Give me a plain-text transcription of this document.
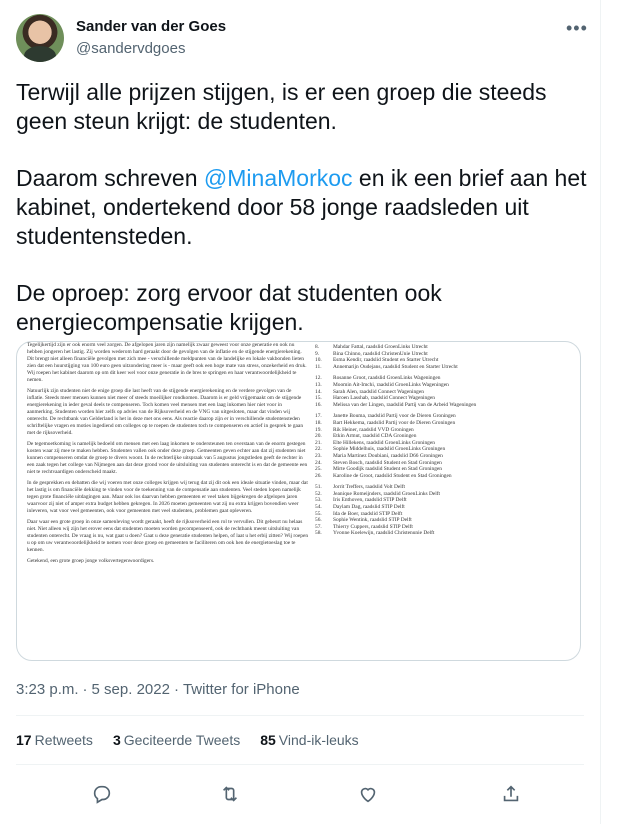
Sander van der Goes
@sandervdgoes
•••

Terwijl alle prijzen stijgen, is er een groep die steeds geen steun krijgt: de studenten.

Daarom schreven @MinaMorkoc en ik een brief aan het kabinet, ondertekend door 58 jonge raadsleden uit studentensteden.

De oproep: zorg ervoor dat studenten ook energiecompensatie krijgen.

Tegelijkertijd zijn er ook enorm veel zorgen. De afgelopen jaren zijn namelijk zwaar geweest voor onze generatie en ook nu hebben jongeren het lastig. Zij worden wederom hard geraakt door de gevolgen van de inflatie en de stijgende energierekening. Dit brengt niet alleen financiële gevolgen met zich mee - verschillende meldpunten van de landelijke en lokale vakbonden lieten zien dat een huurstijging van 100 euro geen uitzondering meer is - maar geeft ook een hoge mate van stress, onzekerheid en druk. Wij roepen het kabinet daarom op om dit keer wel voor onze generatie in de bres te springen en haar verantwoordelijkheid te nemen.

Natuurlijk zijn studenten niet de enige groep die last heeft van de stijgende energierekening en de verdere gevolgen van de inflatie. Steeds meer mensen kunnen niet meer of steeds moeilijker rondkomen. Daarom is er geld vrijgemaakt om de stijgende energierekening in ieder geval deels te compenseren. Toch komen veel mensen met een laag inkomen hier niet voor in aanmerking. Studenten worden hier zelfs op advies van de Rijksoverheid en de VNG van uitgesloten, maar dat vinden wij onterecht. De rechtbank van Gelderland is het in deze met ons eens. Als reactie daarop zijn er in verschillende studentensteden schriftelijke vragen en moties ingediend om colleges op te roepen de studenten toch te compenseren en actief in gesprek te gaan met de rijksoverheid.

De tegemoetkoming is namelijk bedoeld om mensen met een laag inkomen te ondersteunen ten overstaan van de enorm gestegen kosten waar zij mee te maken hebben. Studenten vallen ook onder deze groep. Gemeenten geven echter aan dat zij studenten niet kunnen compenseren omdat de groep te divers woont. In de rechterlijke uitspraak van 5 augustus jongstleden geeft de rechter in een zaak tegen het college van Nijmegen aan dat deze grond voor de uitsluiting van studenten onterecht is en dat de gemeente een niet te rechtvaardigen onderscheid maakt.

In de gesprekken en debatten die wij voeren met onze colleges krijgen wij terug dat zij dit ook een ideale situatie vinden, maar dat het lastig is om financiële dekking te vinden voor de toekenning van de compensatie aan studenten. Veel steden lopen namelijk tegen grote financiële uitdagingen aan. Maar ook los daarvan hebben gemeenten er veel taken bijgekregen de afgelopen jaren waarvoor zij niet of amper extra budget hebben gekregen. In 2026 moeten gemeenten wat zij nu extra krijgen bovendien weer inleveren, wat voor veel gemeenten, ook voor gemeenten met veel studenten, problemen gaat opleveren.

Daar waar een grote groep in onze samenleving wordt geraakt, heeft de rijksoverheid een rol te vervullen. Dit gebeurt nu helaas niet. Niet alleen wij zijn het erover eens dat studenten moeten worden gecompenseerd, ook de rechtbank meent uitsluiting van studenten onterecht. De vraag is nu, wat gaat u doen? Gaat u deze generatie studenten helpen, of laat u het erbij zitten? Wij roepen u op om uw verantwoordelijkheid te nemen voor deze groep en gemeenten te faciliteren om ook hen de energietoeslag toe te kennen.

Getekend, een grote groep jonge volksvertegenwoordigers.

8.	Mahdar Fattal, raadslid GroenLinks Utrecht
9.	Bina Chinno, raadslid ChristenUnie Utrecht
10.	Esma Kendir, raadslid Student en Starter Utrecht
11.	Annemarijn Oudejans, raadslid Student en Starter Utrecht
12.	Rosanne Groot, raadslid GroenLinks Wageningen
13.	Moomin Ait-Imchi, raadslid GroenLinks Wageningen
14.	Sarah Alen, raadslid Connect Wageningen
15.	Haroen Lasshab, raadslid Connect Wageningen
16.	Melissa van der Lingen, raadslid Partij van de Arbeid Wageningen
17.	Janette Bouma, raadslid Partij voor de Dieren Groningen
18.	Bart Hekkema, raadslid Partij voor de Dieren Groningen
19.	Rik Heiner, raadslid VVD Groningen
20.	Etkin Armut, raadslid CDA Groningen
21.	Elte Hillekens, raadslid GroenLinks Groningen
22.	Sophie Middelhuis, raadslid GroenLinks Groningen
23.	Maria Martinez Doubiani, raadslid D66 Groningen
24.	Steven Bosch, raadslid Student en Stad Groningen
25.	Mirte Goodijk raadslid Student en Stad Groningen
26.	Karoline de Groot, raadslid Student en Stad Groningen
51.	Jorrit Treffers, raadslid Volt Delft
52.	Jeanique Romeijnders, raadslid GroenLinks Delft
53.	Iris Enthoven, raadslid STIP Delft
54.	Daylam Dag, raadslid STIP Delft
55.	Ida de Boer, raadslid STIP Delft
56.	Sophie Wentink, raadslid STIP Delft
57.	Thierry Cuppers, raadslid STIP Delft
58.	Yvonne Koelewijn, raadslid Christenunie Delft
3:23 p.m. · 5 sep. 2022 · Twitter for iPhone
17 Retweets 3 Geciteerde Tweets 85 Vind-ik-leuks
